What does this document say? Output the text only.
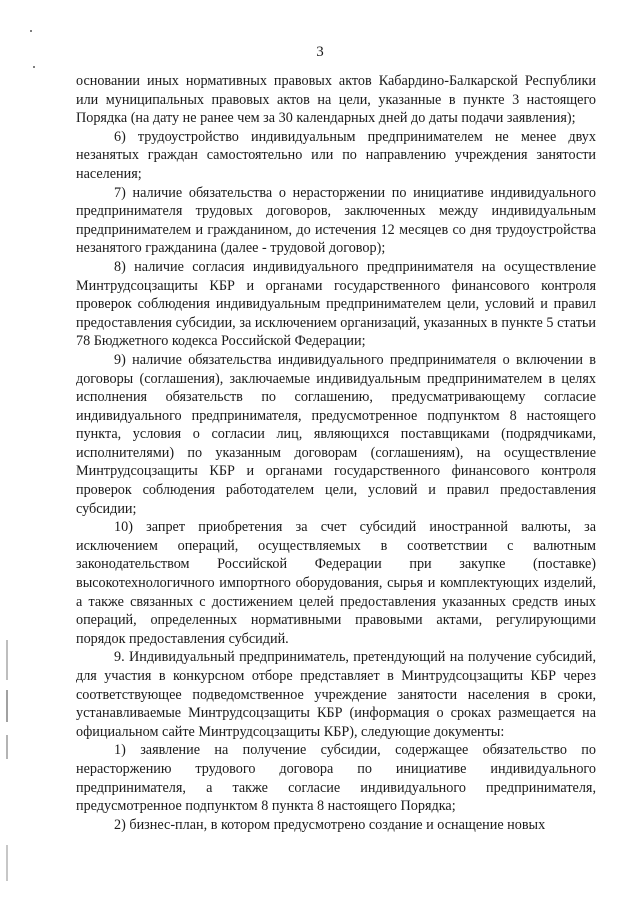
3

основании иных нормативных правовых актов Кабардино-Балкарской Республики или муниципальных правовых актов на цели, указанные в пункте 3 настоящего Порядка (на дату не ранее чем за 30 календарных дней до даты подачи заявления);

6) трудоустройство индивидуальным предпринимателем не менее двух незанятых граждан самостоятельно или по направлению учреждения занятости населения;

7) наличие обязательства о нерасторжении по инициативе индивидуального предпринимателя трудовых договоров, заключенных между индивидуальным предпринимателем и гражданином, до истечения 12 месяцев со дня трудоустройства незанятого гражданина (далее - трудовой договор);

8) наличие согласия индивидуального предпринимателя на осуществление Минтрудсоцзащиты КБР и органами государственного финансового контроля проверок соблюдения индивидуальным предпринимателем цели, условий и правил предоставления субсидии, за исключением организаций, указанных в пункте 5 статьи 78 Бюджетного кодекса Российской Федерации;

9) наличие обязательства индивидуального предпринимателя о включении в договоры (соглашения), заключаемые индивидуальным предпринимателем в целях исполнения обязательств по соглашению, предусматривающему согласие индивидуального предпринимателя, предусмотренное подпунктом 8 настоящего пункта, условия о согласии лиц, являющихся поставщиками (подрядчиками, исполнителями) по указанным договорам (соглашениям), на осуществление Минтрудсоцзащиты КБР и органами государственного финансового контроля проверок соблюдения работодателем цели, условий и правил предоставления субсидии;

10) запрет приобретения за счет субсидий иностранной валюты, за исключением операций, осуществляемых в соответствии с валютным законодательством Российской Федерации при закупке (поставке) высокотехнологичного импортного оборудования, сырья и комплектующих изделий, а также связанных с достижением целей предоставления указанных средств иных операций, определенных нормативными правовыми актами, регулирующими порядок предоставления субсидий.

9. Индивидуальный предприниматель, претендующий на получение субсидий, для участия в конкурсном отборе представляет в Минтрудсоцзащиты КБР через соответствующее подведомственное учреждение занятости населения в сроки, устанавливаемые Минтрудсоцзащиты КБР (информация о сроках размещается на официальном сайте Минтрудсоцзащиты КБР), следующие документы:

1) заявление на получение субсидии, содержащее обязательство по нерасторжению трудового договора по инициативе индивидуального предпринимателя, а также согласие индивидуального предпринимателя, предусмотренное подпунктом 8 пункта 8 настоящего Порядка;

2) бизнес-план, в котором предусмотрено создание и оснащение новых
